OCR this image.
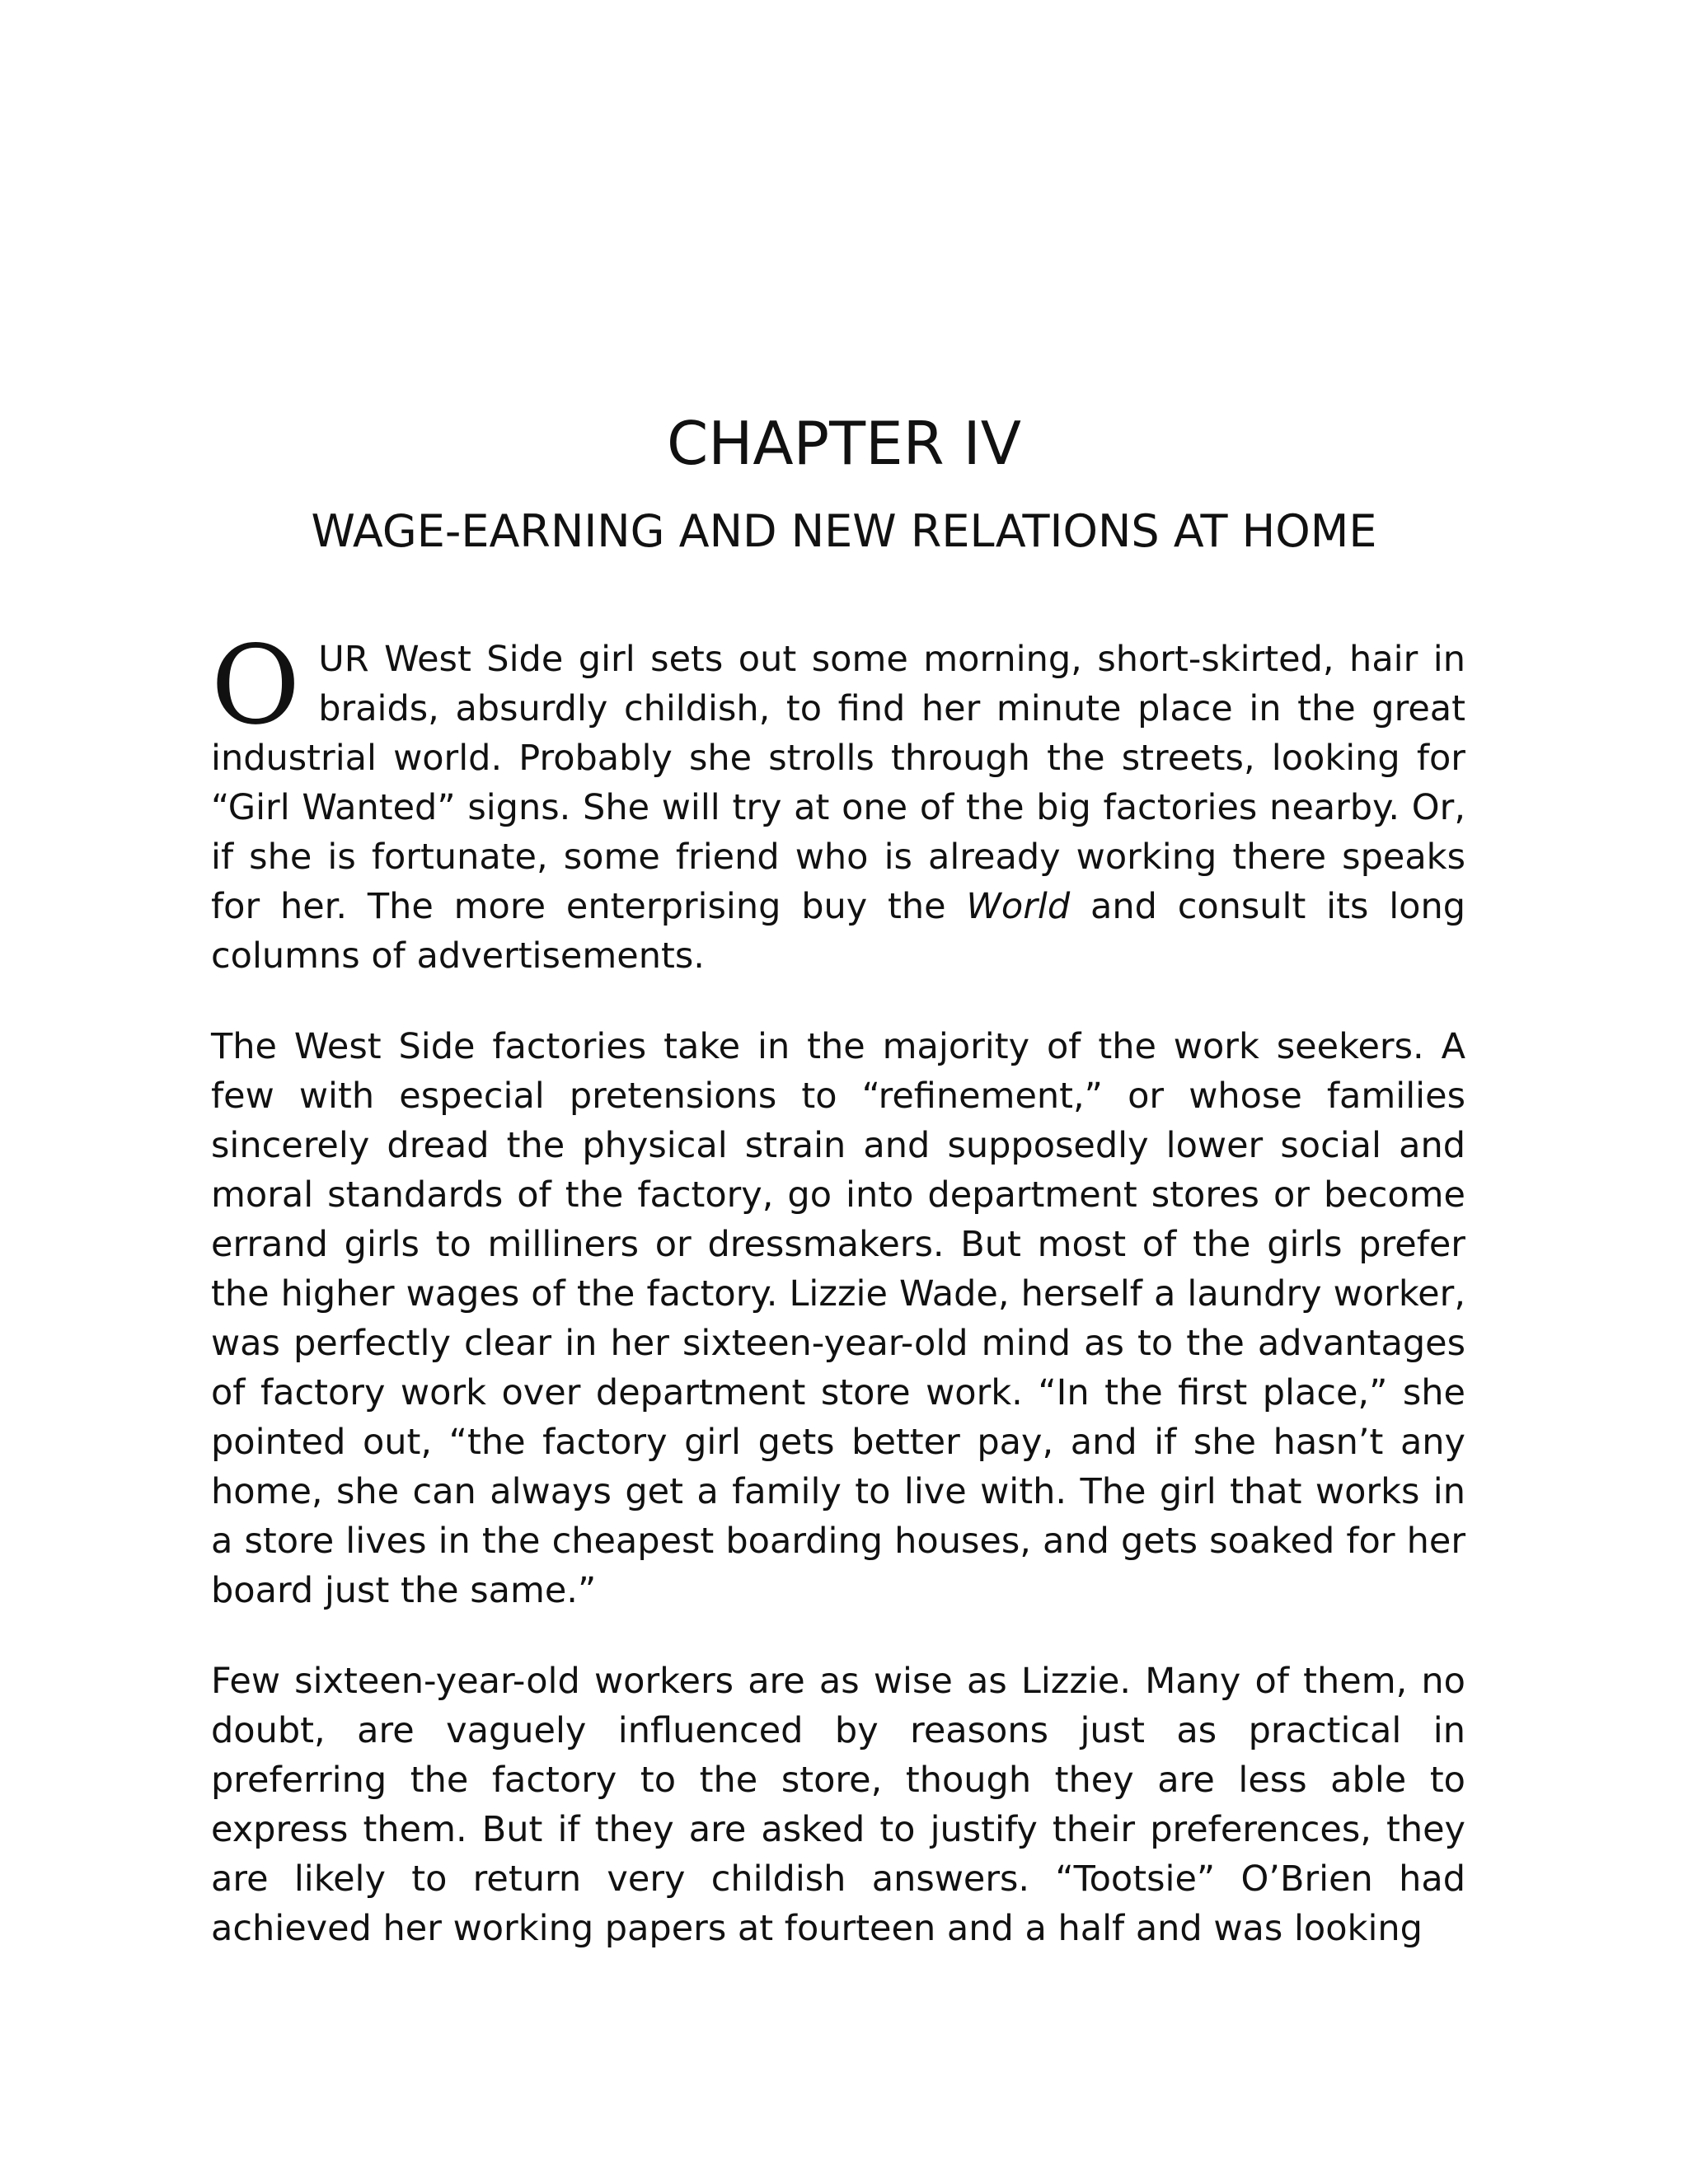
CHAPTER IV
WAGE-EARNING AND NEW RELATIONS AT HOME

OUR West Side girl sets out some morning, short-skirted, hair in braids, absurdly childish, to find her minute place in the great industrial world. Probably she strolls through the streets, looking for “Girl Wanted” signs. She will try at one of the big factories nearby. Or, if she is fortunate, some friend who is already working there speaks for her. The more enterprising buy the World and consult its long columns of advertisements.

The West Side factories take in the majority of the work seekers. A few with especial pretensions to “refinement,” or whose families sincerely dread the physical strain and supposedly lower social and moral standards of the factory, go into department stores or become errand girls to milliners or dressmakers. But most of the girls prefer the higher wages of the factory. Lizzie Wade, herself a laundry worker, was perfectly clear in her sixteen-year-old mind as to the advantages of factory work over department store work. “In the first place,” she pointed out, “the factory girl gets better pay, and if she hasn’t any home, she can always get a family to live with. The girl that works in a store lives in the cheapest boarding houses, and gets soaked for her board just the same.”

Few sixteen-year-old workers are as wise as Lizzie. Many of them, no doubt, are vaguely influenced by reasons just as practical in preferring the factory to the store, though they are less able to express them. But if they are asked to justify their preferences, they are likely to return very childish answers. “Tootsie” O’Brien had achieved her working papers at fourteen and a half and was looking
